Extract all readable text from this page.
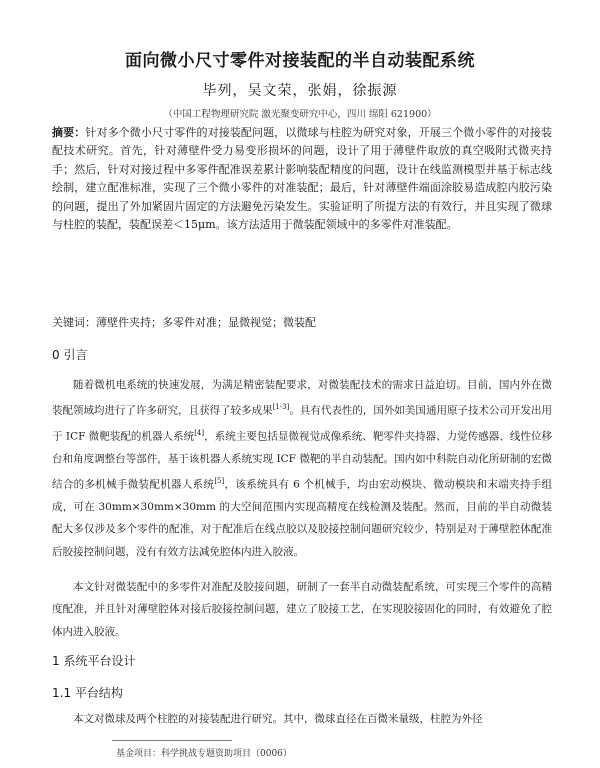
面向微小尺寸零件对接装配的半自动装配系统
毕列，吴文荣，张娟，徐振源
（中国工程物理研究院 激光聚变研究中心，四川 绵阳 621900）
摘要：针对多个微小尺寸零件的对接装配问题，以微球与柱腔为研究对象，开展三个微小零件的对接装配技术研究。首先，针对薄壁件受力易变形损坏的问题，设计了用于薄壁件取放的真空吸附式微夹持手；然后，针对对接过程中多零件配准误差累计影响装配精度的问题，设计在线监测模型并基于标志线绘制，建立配准标准，实现了三个微小零件的对准装配；最后，针对薄壁件端面涂胶易造成腔内胶污染的问题，提出了外加紧固片固定的方法避免污染发生。实验证明了所提方法的有效行，并且实现了微球与柱腔的装配，装配误差＜15μm。该方法适用于微装配领域中的多零件对准装配。
关键词：薄壁件夹持；多零件对准；显微视觉；微装配
0 引言
随着微机电系统的快速发展，为满足精密装配要求，对微装配技术的需求日益迫切。目前，国内外在微装配领域均进行了许多研究，且获得了较多成果[1-3]。具有代表性的，国外如美国通用原子技术公司开发出用于 ICF 微靶装配的机器人系统[4]，系统主要包括显微视觉成像系统、靶零件夹持器、力觉传感器、线性位移台和角度调整台等部件，基于该机器人系统实现 ICF 微靶的半自动装配。国内如中科院自动化所研制的宏微结合的多机械手微装配机器人系统[5]，该系统具有 6 个机械手，均由宏动模块、微动模块和末端夹持手组成，可在 30mm×30mm×30mm 的大空间范围内实现高精度在线检测及装配。然而，目前的半自动微装配大多仅涉及多个零件的配准，对于配准后在线点胶以及胶接控制问题研究较少，特别是对于薄壁腔体配准后胶接控制问题，没有有效方法减免腔体内进入胶液。
本文针对微装配中的多零件对准配及胶接问题，研制了一套半自动微装配系统，可实现三个零件的高精度配准，并且针对薄壁腔体对接后胶接控制问题，建立了胶接工艺，在实现胶接固化的同时，有效避免了腔体内进入胶液。
1 系统平台设计
1.1 平台结构
本文对微球及两个柱腔的对接装配进行研究。其中，微球直径在百微米量级，柱腔为外径
基金项目：科学挑战专题资助项目（0006）
